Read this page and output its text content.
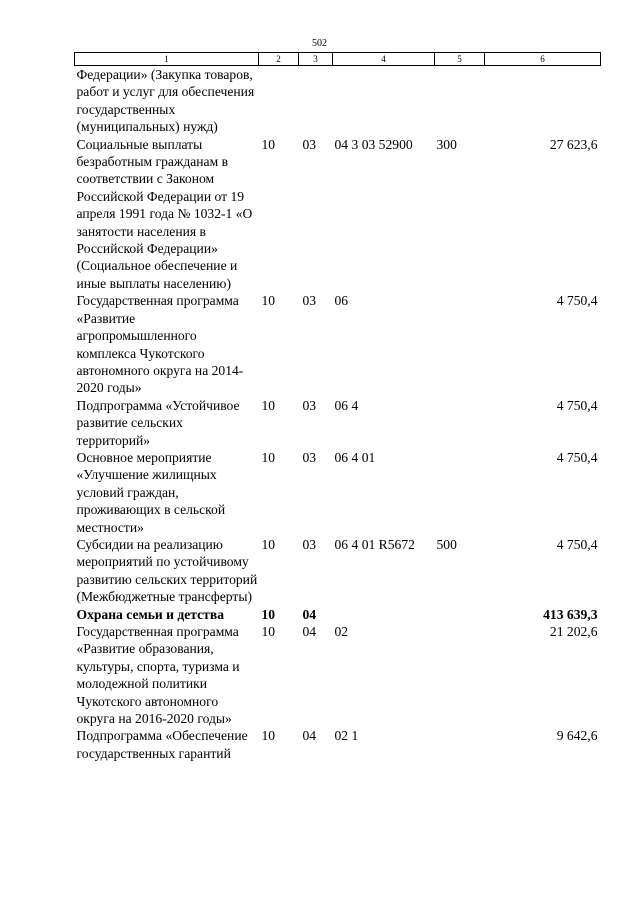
502
1	2	3	4	5	6
Федерации» (Закупка товаров, работ и услуг для обеспечения государственных (муниципальных) нужд)					
Социальные выплаты безработным гражданам в соответствии с Законом Российской Федерации от 19 апреля 1991 года № 1032-1 «О занятости населения в Российской Федерации» (Социальное обеспечение и иные выплаты населению)	10	03	04 3 03 52900	300	27 623,6
Государственная программа «Развитие агропромышленного комплекса Чукотского автономного округа на 2014-2020 годы»	10	03	06		4 750,4
Подпрограмма «Устойчивое развитие сельских территорий»	10	03	06 4		4 750,4
Основное мероприятие «Улучшение жилищных условий граждан, проживающих в сельской местности»	10	03	06 4 01		4 750,4
Субсидии на реализацию мероприятий по устойчивому развитию сельских территорий (Межбюджетные трансферты)	10	03	06 4 01 R5672	500	4 750,4
Охрана семьи и детства	10	04			413 639,3
Государственная программа «Развитие образования, культуры, спорта, туризма и молодежной политики Чукотского автономного округа на 2016-2020 годы»	10	04	02		21 202,6
Подпрограмма «Обеспечение государственных гарантий	10	04	02 1		9 642,6
